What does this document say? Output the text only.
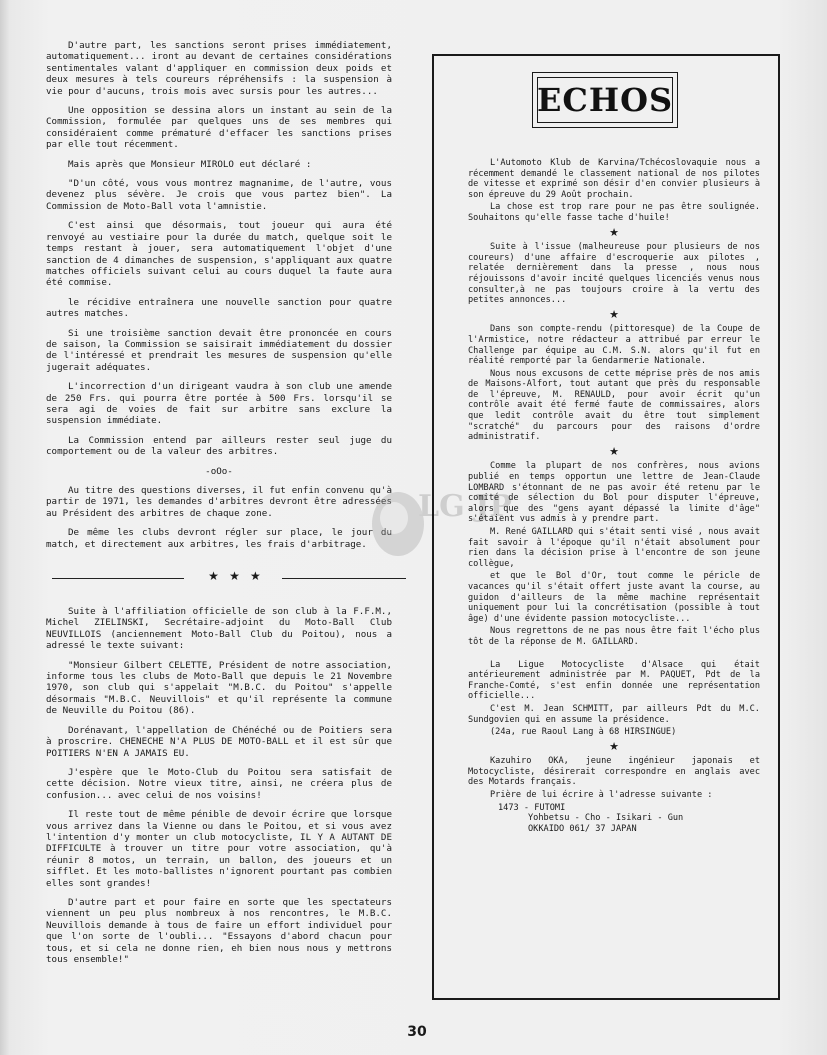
D'autre part, les sanctions seront prises immédiatement, automatiquement... iront au devant de certaines considérations sentimentales valant d'appliquer en commission deux poids et deux mesures à tels coureurs répréhensifs : la suspension à vie pour d'aucuns, trois mois avec sursis pour les autres...

Une opposition se dessina alors un instant au sein de la Commission, formulée par quelques uns de ses membres qui considéraient comme prématuré d'effacer les sanctions prises par elle tout récemment.

Mais après que Monsieur MIROLO eut déclaré :

"D'un côté, vous vous montrez magnanime, de l'autre, vous devenez plus sévère. Je crois que vous partez bien". La Commission de Moto-Ball vota l'amnistie.

C'est ainsi que désormais, tout joueur qui aura été renvoyé au vestiaire pour la durée du match, quelque soit le temps restant à jouer, sera automatiquement l'objet d'une sanction de 4 dimanches de suspension, s'appliquant aux quatre matches officiels suivant celui au cours duquel la faute aura été commise.

le récidive entraînera une nouvelle sanction pour quatre autres matches.

Si une troisième sanction devait être prononcée en cours de saison, la Commission se saisirait immédiatement du dossier de l'intéressé et prendrait les mesures de suspension qu'elle jugerait adéquates.

L'incorrection d'un dirigeant vaudra à son club une amende de 250 Frs. qui pourra être portée à 500 Frs. lorsqu'il se sera agi de voies de fait sur arbitre sans exclure la suspension immédiate.

La Commission entend par ailleurs rester seul juge du comportement ou de la valeur des arbitres.

-oOo-

Au titre des questions diverses, il fut enfin convenu qu'à partir de 1971, les demandes d'arbitres devront être adressées au Président des arbitres de chaque zone.

De même les clubs devront régler sur place, le jour du match, et directement aux arbitres, les frais d'arbitrage.

★ ★ ★

Suite à l'affiliation officielle de son club à la F.F.M., Michel ZIELINSKI, Secrétaire-adjoint du Moto-Ball Club NEUVILLOIS (anciennement Moto-Ball Club du Poitou), nous a adressé le texte suivant:

"Monsieur Gilbert CELETTE, Président de notre association, informe tous les clubs de Moto-Ball que depuis le 21 Novembre 1970, son club qui s'appelait "M.B.C. du Poitou" s'appelle désormais "M.B.C. Neuvillois" et qu'il représente la commune de Neuville du Poitou (86).

Dorénavant, l'appellation de Chénéché ou de Poitiers sera à proscrire. CHENECHE N'A PLUS DE MOTO-BALL et il est sûr que POITIERS N'EN A JAMAIS EU.

J'espère que le Moto-Club du Poitou sera satisfait de cette décision. Notre vieux titre, ainsi, ne créera plus de confusion... avec celui de nos voisins!

Il reste tout de même pénible de devoir écrire que lorsque vous arrivez dans la Vienne ou dans le Poitou, et si vous avez l'intention d'y monter un club motocycliste, IL Y A AUTANT DE DIFFICULTE à trouver un titre pour votre association, qu'à réunir 8 motos, un terrain, un ballon, des joueurs et un sifflet. Et les moto-ballistes n'ignorent pourtant pas combien elles sont grandes!

D'autre part et pour faire en sorte que les spectateurs viennent un peu plus nombreux à nos rencontres, le M.B.C. Neuvillois demande à tous de faire un effort individuel pour que l'on sorte de l'oubli... "Essayons d'abord chacun pour tous, et si cela ne donne rien, eh bien nous nous y mettrons tous ensemble!"

LG JP
ECHOS

L'Automoto Klub de Karvina/Tchécoslovaquie nous a récemment demandé le classement national de nos pilotes de vitesse et exprimé son désir d'en convier plusieurs à son épreuve du 29 Août prochain.

La chose est trop rare pour ne pas être soulignée. Souhaitons qu'elle fasse tache d'huile!

★

Suite à l'issue (malheureuse pour plusieurs de nos coureurs) d'une affaire d'escroquerie aux pilotes , relatée dernièrement dans la presse , nous nous réjouissons d'avoir incité quelques licenciés venus nous consulter,à ne pas toujours croire à la vertu des petites annonces...

★

Dans son compte-rendu (pittoresque) de la Coupe de l'Armistice, notre rédacteur a attribué par erreur le Challenge par équipe au C.M. S.N. alors qu'il fut en réalité remporté par la Gendarmerie Nationale.

Nous nous excusons de cette méprise près de nos amis de Maisons-Alfort, tout autant que près du responsable de l'épreuve, M. RENAULD, pour avoir écrit qu'un contrôle avait été fermé faute de commissaires, alors que ledit contrôle avait du être tout simplement "scratché" du parcours pour des raisons d'ordre administratif.

★

Comme la plupart de nos confrères, nous avions publié en temps opportun une lettre de Jean-Claude LOMBARD s'étonnant de ne pas avoir été retenu par le comité de sélection du Bol pour disputer l'épreuve, alors que des "gens ayant dépassé la limite d'âge" s'étaient vus admis à y prendre part.

M. René GAILLARD qui s'était senti visé , nous avait fait savoir à l'époque qu'il n'était absolument pour rien dans la décision prise à l'encontre de son jeune collègue,

et que le Bol d'Or, tout comme le péricle de vacances qu'il s'était offert juste avant la course, au guidon d'ailleurs de la même machine représentait uniquement pour lui la concrétisation (possible à tout âge) d'une évidente passion motocycliste...

Nous regrettons de ne pas nous être fait l'écho plus tôt de la réponse de M. GAILLARD.

La Ligue Motocycliste d'Alsace qui était antérieurement administrée par M. PAQUET, Pdt de la Franche-Comté, s'est enfin donnée une représentation officielle...

C'est M. Jean SCHMITT, par ailleurs Pdt du M.C. Sundgovien qui en assume la présidence.

(24a, rue Raoul Lang à 68 HIRSINGUE)

★

Kazuhiro OKA, jeune ingénieur japonais et Motocycliste, désirerait correspondre en anglais avec des Motards français.

Prière de lui écrire à l'adresse suivante :

1473 - FUTOMI

Yohbetsu - Cho - Isikari - Gun

OKKAIDO 061/ 37 JAPAN

30
